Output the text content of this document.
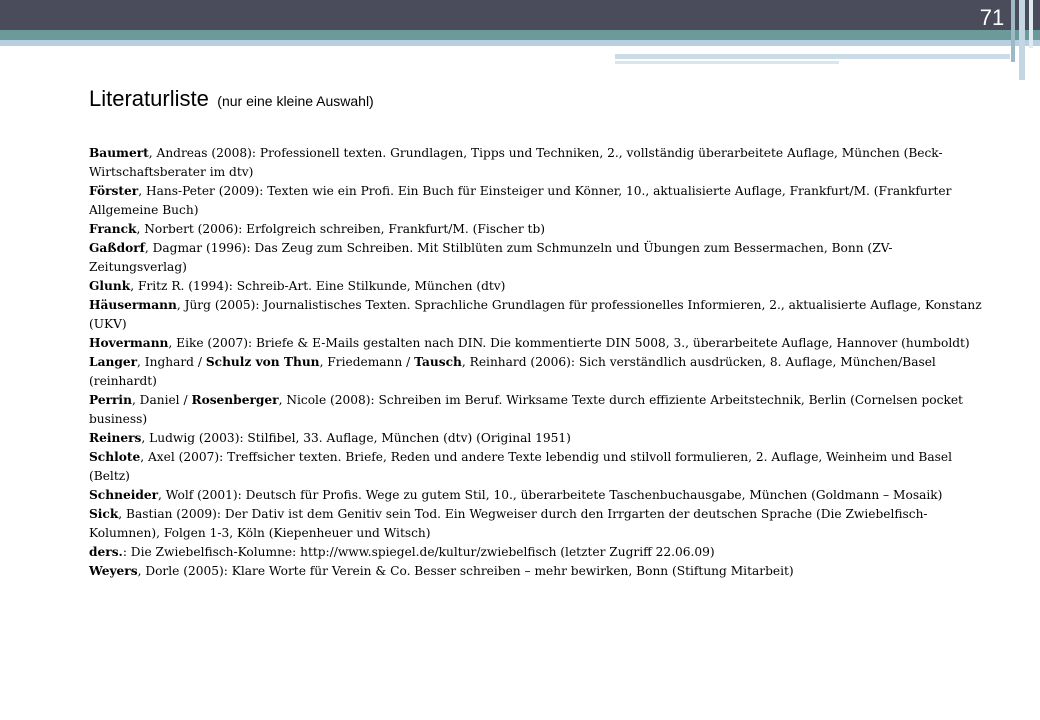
71
Literaturliste (nur eine kleine Auswahl)

Baumert, Andreas (2008): Professionell texten. Grundlagen, Tipps und Techniken, 2., vollständig überarbeitete Auflage, München (Beck-Wirtschaftsberater im dtv)

Förster, Hans-Peter (2009): Texten wie ein Profi. Ein Buch für Einsteiger und Könner, 10., aktualisierte Auflage, Frankfurt/M. (Frankfurter Allgemeine Buch)

Franck, Norbert (2006): Erfolgreich schreiben, Frankfurt/M. (Fischer tb)

Gaßdorf, Dagmar (1996): Das Zeug zum Schreiben. Mit Stilblüten zum Schmunzeln und Übungen zum Bessermachen, Bonn (ZV-Zeitungsverlag)

Glunk, Fritz R. (1994): Schreib-Art. Eine Stilkunde, München (dtv)

Häusermann, Jürg (2005): Journalistisches Texten. Sprachliche Grundlagen für professionelles Informieren, 2., aktualisierte Auflage, Konstanz (UKV)

Hovermann, Eike (2007): Briefe & E-Mails gestalten nach DIN. Die kommentierte DIN 5008, 3., überarbeitete Auflage, Hannover (humboldt)

Langer, Inghard / Schulz von Thun, Friedemann / Tausch, Reinhard (2006): Sich verständlich ausdrücken, 8. Auflage, München/Basel (reinhardt)

Perrin, Daniel / Rosenberger, Nicole (2008): Schreiben im Beruf. Wirksame Texte durch effiziente Arbeitstechnik, Berlin (Cornelsen pocket business)

Reiners, Ludwig (2003): Stilfibel, 33. Auflage, München (dtv) (Original 1951)

Schlote, Axel (2007): Treffsicher texten. Briefe, Reden und andere Texte lebendig und stilvoll formulieren, 2. Auflage, Weinheim und Basel (Beltz)

Schneider, Wolf (2001): Deutsch für Profis. Wege zu gutem Stil, 10., überarbeitete Taschenbuchausgabe, München (Goldmann – Mosaik)

Sick, Bastian (2009): Der Dativ ist dem Genitiv sein Tod. Ein Wegweiser durch den Irrgarten der deutschen Sprache (Die Zwiebelfisch-Kolumnen), Folgen 1-3, Köln (Kiepenheuer und Witsch)

ders.: Die Zwiebelfisch-Kolumne: http://www.spiegel.de/kultur/zwiebelfisch (letzter Zugriff 22.06.09)

Weyers, Dorle (2005): Klare Worte für Verein & Co. Besser schreiben – mehr bewirken, Bonn (Stiftung Mitarbeit)
